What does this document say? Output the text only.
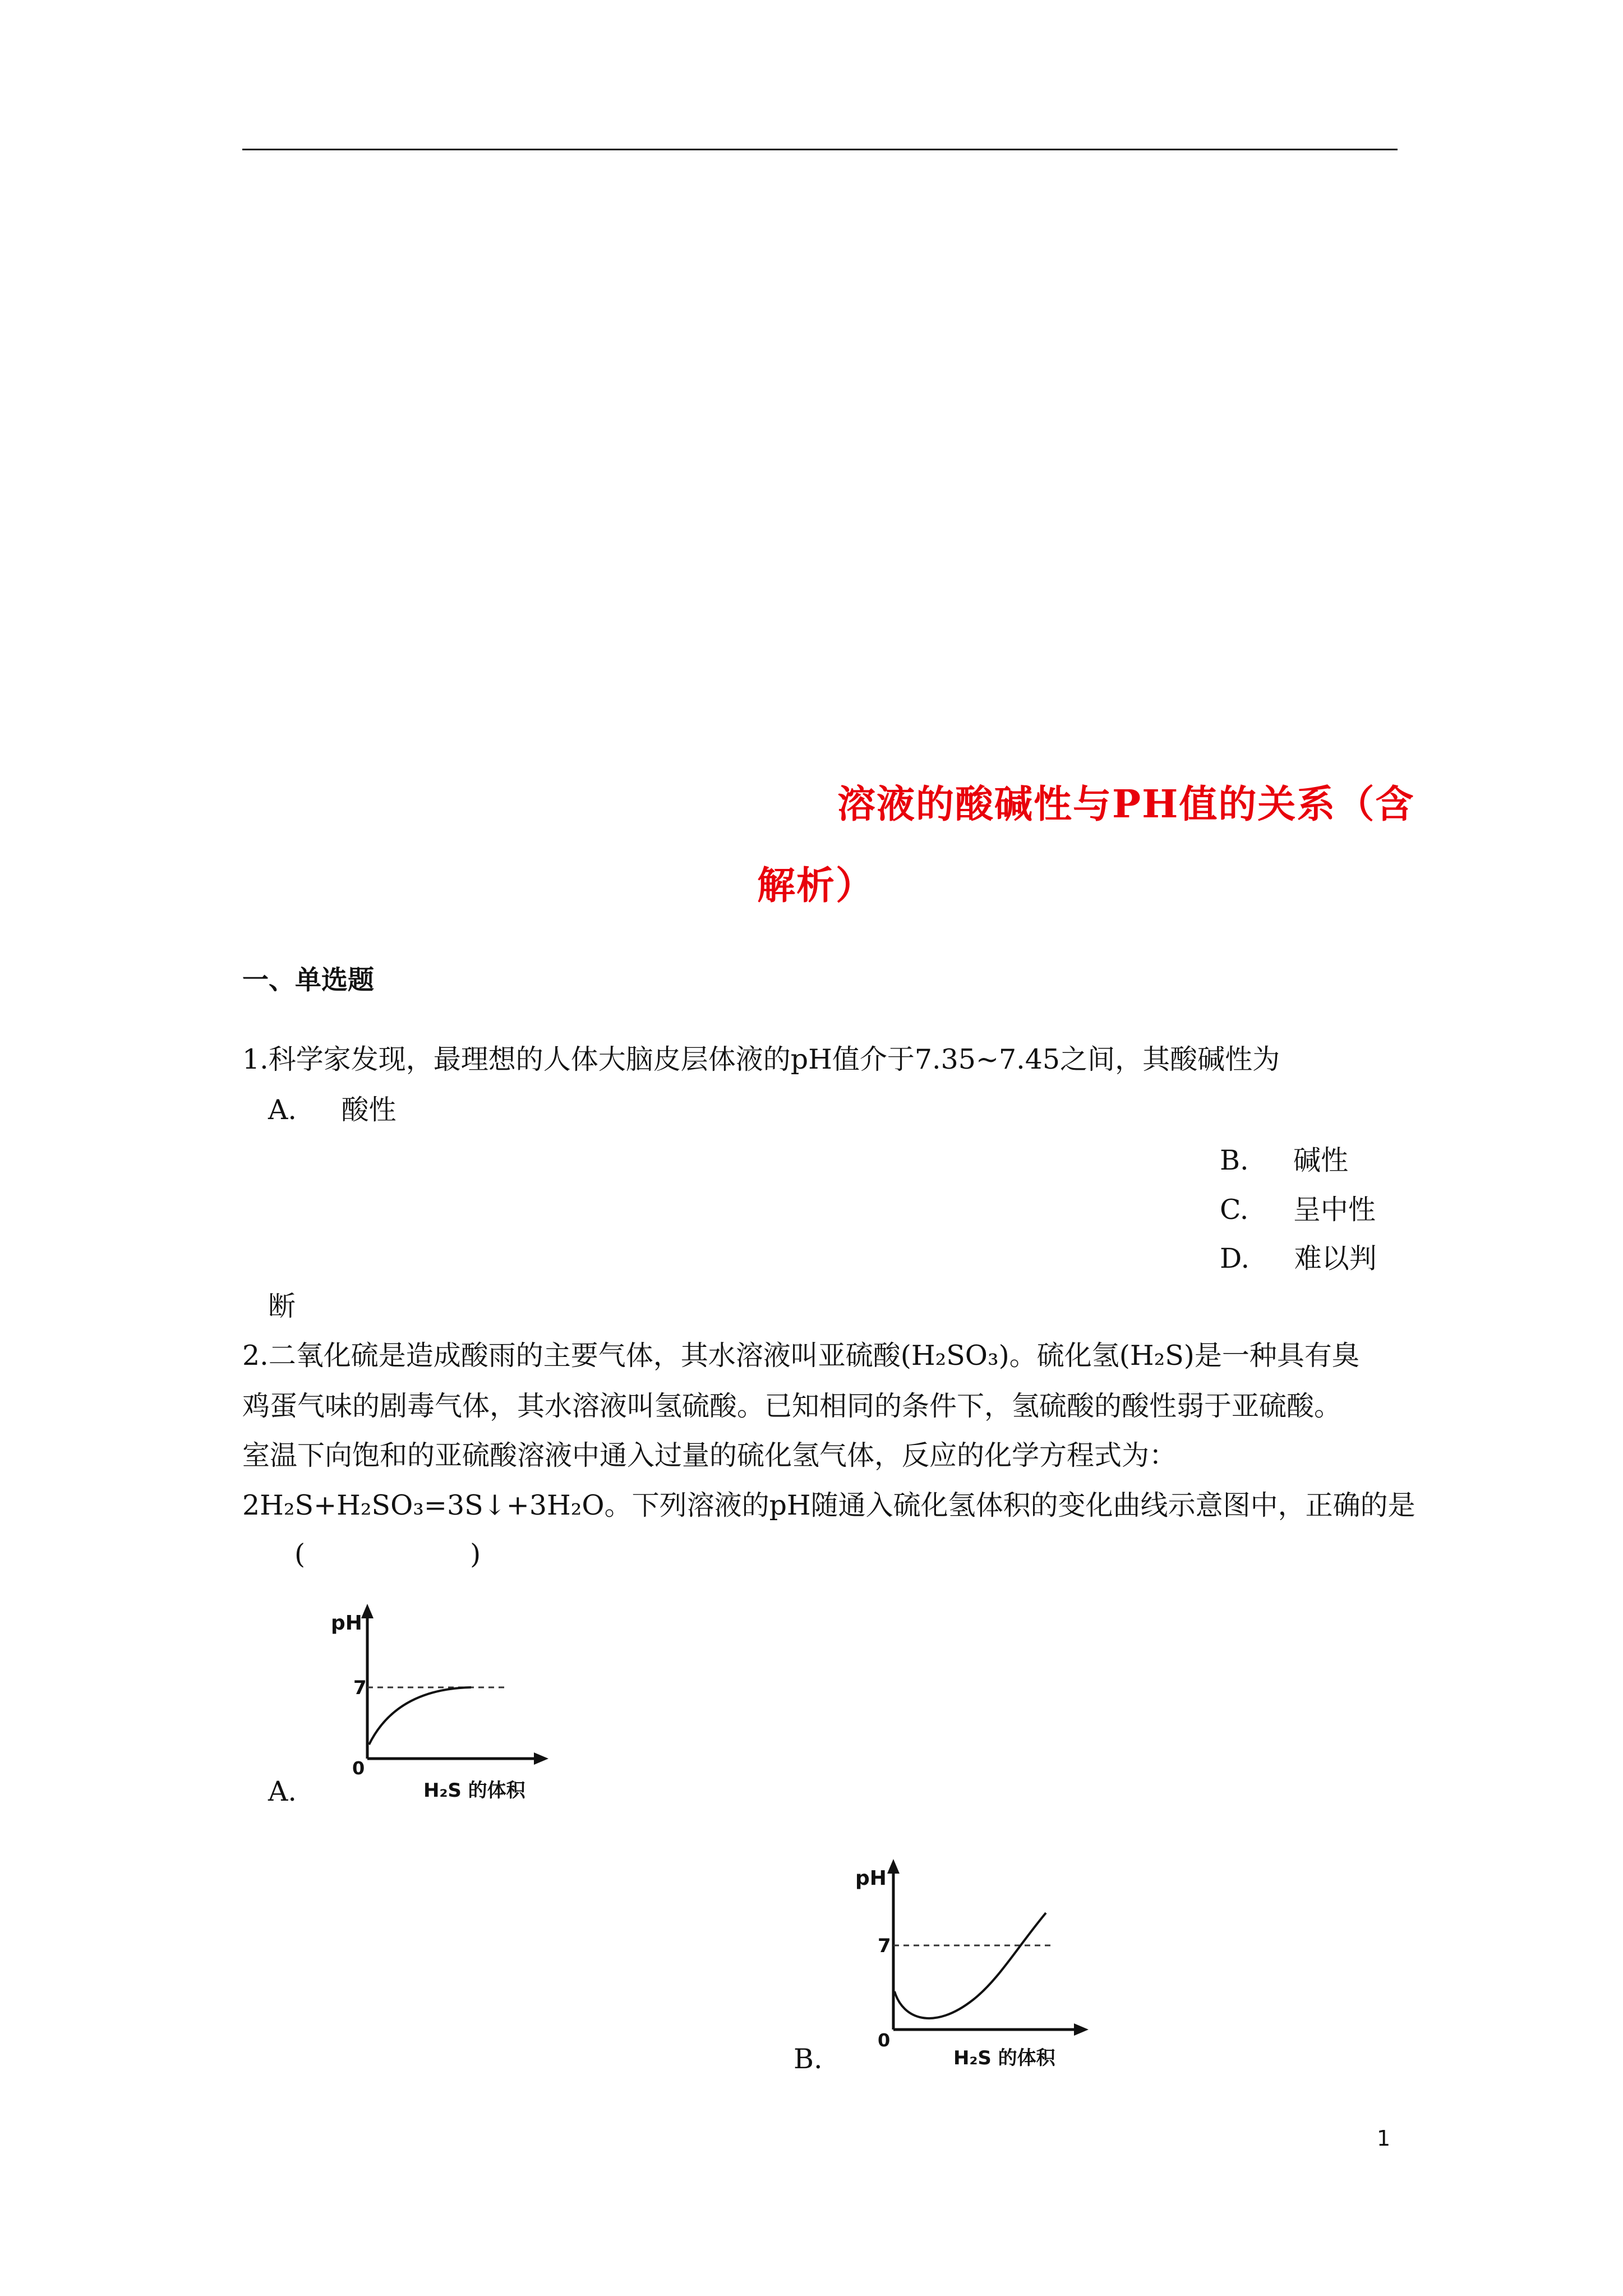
溶液的酸碱性与PH值的关系（含
解析）
一、单选题
1.科学家发现，最理想的人体大脑皮层体液的pH值介于7.35~7.45之间，其酸碱性为
A. 酸性
B. 碱性
C. 呈中性
D. 难以判
断
2.二氧化硫是造成酸雨的主要气体，其水溶液叫亚硫酸(H₂SO₃)。硫化氢(H₂S)是一种具有臭
鸡蛋气味的剧毒气体，其水溶液叫氢硫酸。已知相同的条件下，氢硫酸的酸性弱于亚硫酸。
室温下向饱和的亚硫酸溶液中通入过量的硫化氢气体，反应的化学方程式为：
2H₂S+H₂SO₃=3S↓+3H₂O。下列溶液的pH随通入硫化氢体积的变化曲线示意图中，正确的是
(　　　　　　)
A.
pH
7
0
H₂S 的体积
B.
pH
7
0
H₂S 的体积
1
